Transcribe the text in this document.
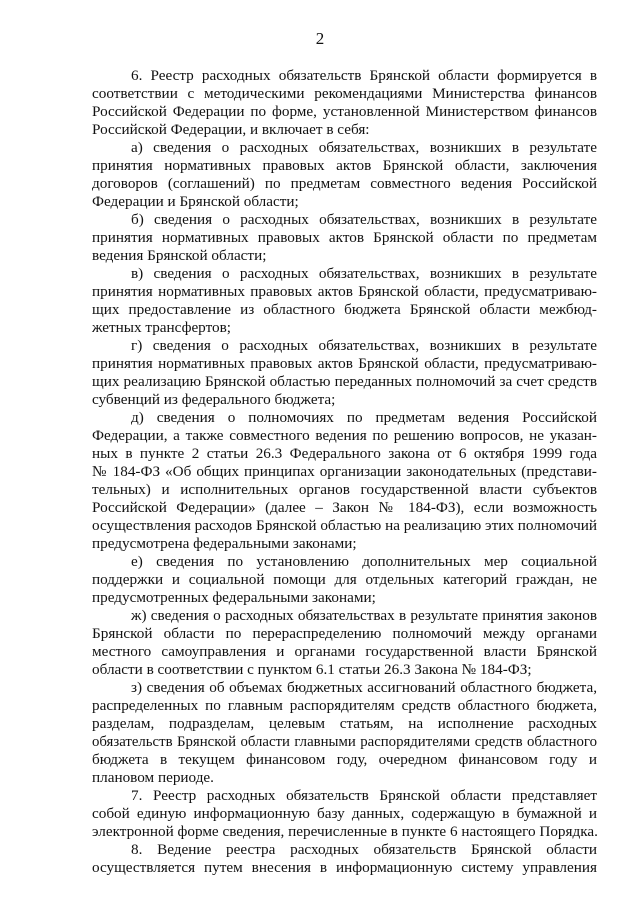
2
6. Реестр расходных обязательств Брянской области формируется в
соответствии с методическими рекомендациями Министерства финансов
Российской Федерации по форме, установленной Министерством финансов
Российской Федерации, и включает в себя:
а) сведения о расходных обязательствах, возникших в результате
принятия нормативных правовых актов Брянской области, заключения
договоров (соглашений) по предметам совместного ведения Российской
Федерации и Брянской области;
б) сведения о расходных обязательствах, возникших в результате
принятия нормативных правовых актов Брянской области по предметам
ведения Брянской области;
в) сведения о расходных обязательствах, возникших в результате
принятия нормативных правовых актов Брянской области, предусматриваю-
щих предоставление из областного бюджета Брянской области межбюд-
жетных трансфертов;
г) сведения о расходных обязательствах, возникших в результате
принятия нормативных правовых актов Брянской области, предусматриваю-
щих реализацию Брянской областью переданных полномочий за счет средств
субвенций из федерального бюджета;
д) сведения о полномочиях по предметам ведения Российской
Федерации, а также совместного ведения по решению вопросов, не указан-
ных в пункте 2 статьи 26.3 Федерального закона от 6 октября 1999 года
№ 184-ФЗ «Об общих принципах организации законодательных (представи-
тельных) и исполнительных органов государственной власти субъектов
Российской Федерации» (далее – Закон № 184-ФЗ), если возможность
осуществления расходов Брянской областью на реализацию этих полномочий
предусмотрена федеральными законами;
е) сведения по установлению дополнительных мер социальной
поддержки и социальной помощи для отдельных категорий граждан, не
предусмотренных федеральными законами;
ж) сведения о расходных обязательствах в результате принятия законов
Брянской области по перераспределению полномочий между органами
местного самоуправления и органами государственной власти Брянской
области в соответствии с пунктом 6.1 статьи 26.3 Закона № 184-ФЗ;
з) сведения об объемах бюджетных ассигнований областного бюджета,
распределенных по главным распорядителям средств областного бюджета,
разделам, подразделам, целевым статьям, на исполнение расходных
обязательств Брянской области главными распорядителями средств областного
бюджета в текущем финансовом году, очередном финансовом году и
плановом периоде.
7. Реестр расходных обязательств Брянской области представляет
собой единую информационную базу данных, содержащую в бумажной и
электронной форме сведения, перечисленные в пункте 6 настоящего Порядка.
8. Ведение реестра расходных обязательств Брянской области
осуществляется путем внесения в информационную систему управления
